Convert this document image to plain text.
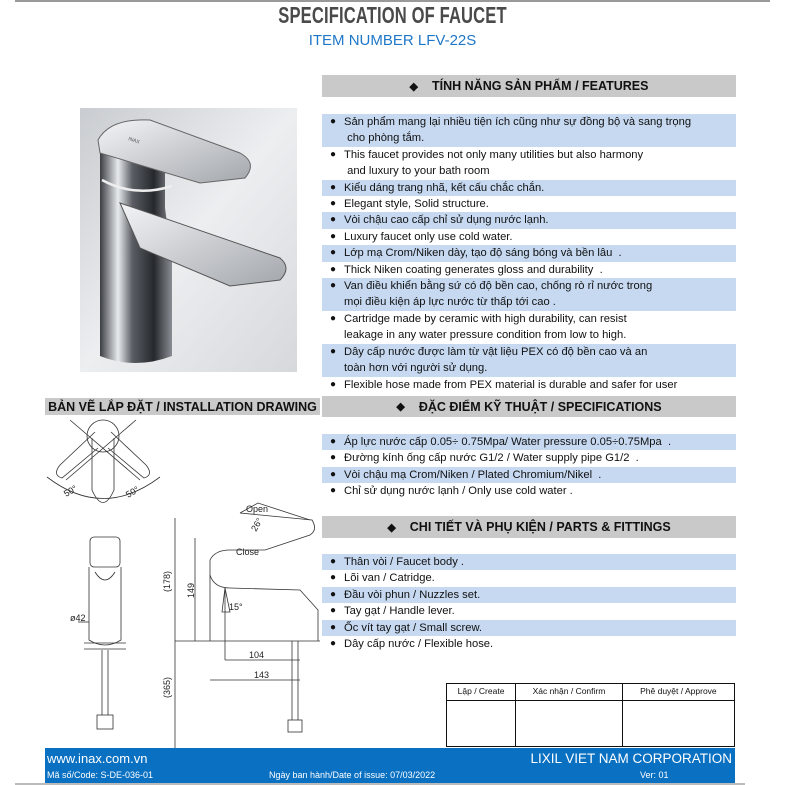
SPECIFICATION OF FAUCET
ITEM NUMBER LFV-22S
◆ TÍNH NĂNG SẢN PHẨM / FEATURES
● Sản phẩm mang lại nhiều tiện ích cũng như sự đồng bộ và sang trọng
cho phòng tắm.
● This faucet provides not only many utilities but also harmony
and luxury to your bath room
● Kiểu dáng trang nhã, kết cấu chắc chắn.
● Elegant style, Solid structure.
● Vòi chậu cao cấp chỉ sử dụng nước lạnh.
● Luxury faucet only use cold water.
● Lớp mạ Crom/Niken dày, tạo độ sáng bóng và bền lâu  .
● Thick Niken coating generates gloss and durability  .
● Van điều khiển bằng sứ có độ bền cao, chống rò rỉ nước trong
mọi điều kiện áp lực nước từ thấp tới cao .
● Cartridge made by ceramic with high durability, can resist
leakage in any water pressure condition from low to high.
● Dây cấp nước được làm từ vật liệu PEX có độ bền cao và an
toàn hơn với người sử dụng.
● Flexible hose made from PEX material is durable and safer for user
INAX
BẢN VẼ LẮP ĐẶT / INSTALLATION DRAWING
50°	50°
ø42
Open
Close
26°
(178) 149
15°
104
143
(365)
◆ ĐẶC ĐIỂM KỸ THUẬT / SPECIFICATIONS
● Áp lực nước cấp 0.05÷ 0.75Mpa/ Water pressure 0.05÷0.75Mpa  .
● Đường kính ống cấp nước G1/2 / Water supply pipe G1/2  .
● Vòi chậu mạ Crom/Niken / Plated Chromium/Nikel  .
● Chỉ sử dụng nước lạnh / Only use cold water .
◆ CHI TIẾT VÀ PHỤ KIỆN / PARTS & FITTINGS
● Thân vòi / Faucet body .
● Lõi van / Catridge.
● Đầu vòi phun / Nuzzles set.
● Tay gạt / Handle lever.
● Ốc vít tay gạt / Small screw.
● Dây cấp nước / Flexible hose.
Lập / Create	Xác nhận / Confirm	Phê duyệt / Approve

www.inax.com.vn	LIXIL VIET NAM CORPORATION
Mã số/Code: S-DE-036-01	Ngày ban hành/Date of issue: 07/03/2022	Ver: 01
